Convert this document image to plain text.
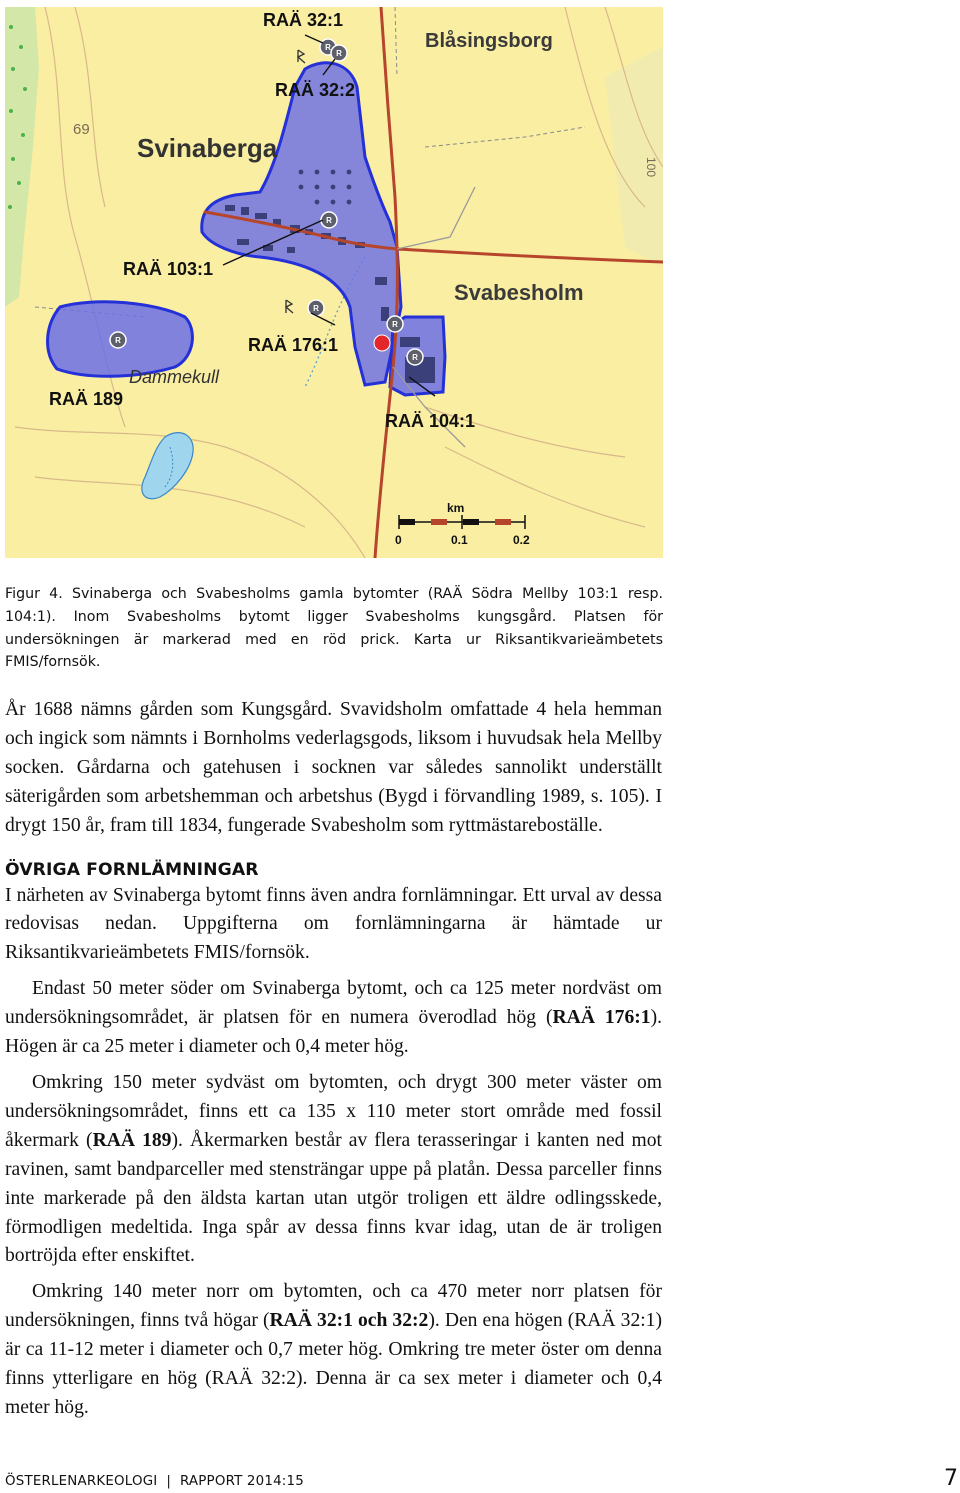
R
R
R
R
R
R
R
RAÄ 32:1
RAÄ 32:2
Blåsingsborg
Svinaberga
69
100
RAÄ 103:1
Svabesholm
RAÄ 176:1
Dammekull
RAÄ 189
RAÄ 104:1
km
0	0.1	0.2

Figur 4. Svinaberga och Svabesholms gamla bytomter (RAÄ Södra Mellby 103:1 resp. 104:1). Inom Svabesholms bytomt ligger Svabesholms kungsgård. Platsen för undersökningen är markerad med en röd prick. Karta ur Riksantikvarieämbetets FMIS/fornsök.

År 1688 nämns gården som Kungsgård. Svavidsholm omfattade 4 hela hemman och ingick som nämnts i Bornholms vederlagsgods, liksom i huvudsak hela Mellby socken. Gårdarna och gatehusen i socknen var således sannolikt underställt säterigården som arbetshemman och arbetshus (Bygd i förvandling 1989, s. 105). I drygt 150 år, fram till 1834, fungerade Svabesholm som ryttmästareboställe.

ÖVRIGA FORNLÄMNINGAR

I närheten av Svinaberga bytomt finns även andra fornlämningar. Ett urval av dessa redovisas nedan. Uppgifterna om fornlämningarna är hämtade ur Riksantikvarieämbetets FMIS/fornsök.

Endast 50 meter söder om Svinaberga bytomt, och ca 125 meter nordväst om undersökningsområdet, är platsen för en numera överodlad hög (RAÄ 176:1). Högen är ca 25 meter i diameter och 0,4 meter hög.

Omkring 150 meter sydväst om bytomten, och drygt 300 meter väster om undersökningsområdet, finns ett ca 135 x 110 meter stort område med fossil åkermark (RAÄ 189). Åkermarken består av flera terasseringar i kanten ned mot ravinen, samt bandparceller med stensträngar uppe på platån. Dessa parceller finns inte markerade på den äldsta kartan utan utgör troligen ett äldre odlingsskede, förmodligen medeltida. Inga spår av dessa finns kvar idag, utan de är troligen bortröjda efter enskiftet.

Omkring 140 meter norr om bytomten, och ca 470 meter norr platsen för undersökningen, finns två högar (RAÄ 32:1 och 32:2). Den ena högen (RAÄ 32:1) är ca 11-12 meter i diameter och 0,7 meter hög. Omkring tre meter öster om denna finns ytterligare en hög (RAÄ 32:2). Denna är ca sex meter i diameter och 0,4 meter hög.

ÖSTERLENARKEOLOGI  |  RAPPORT 2014:15	7
